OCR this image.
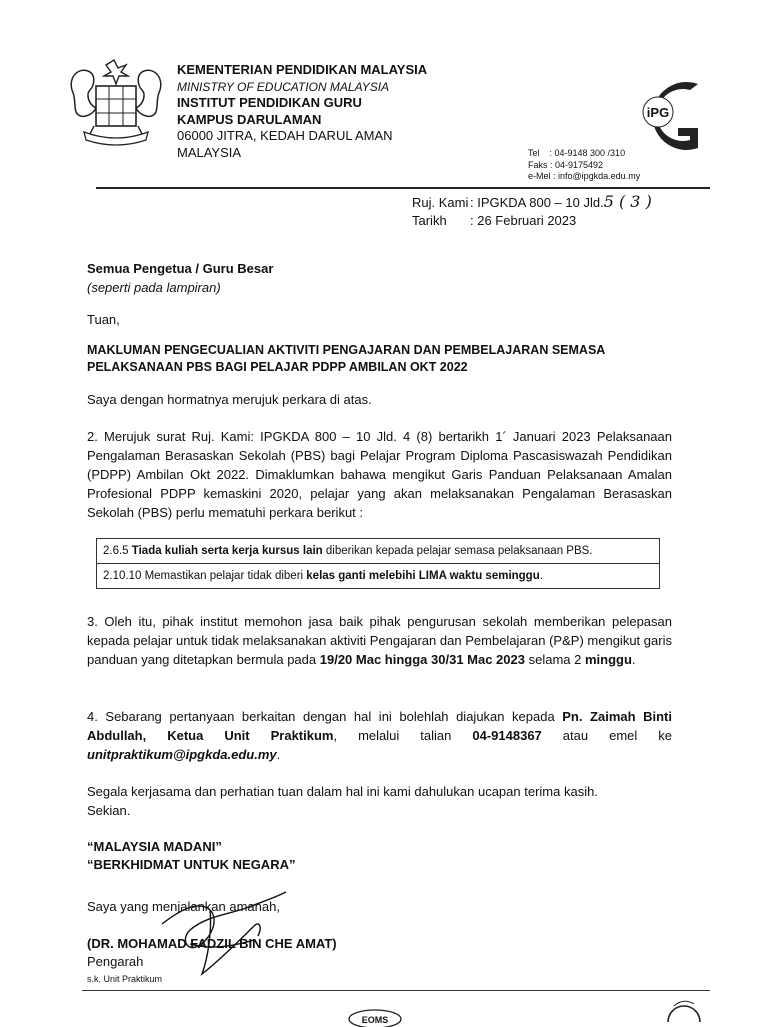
KEMENTERIAN PENDIDIKAN MALAYSIA
MINISTRY OF EDUCATION MALAYSIA
INSTITUT PENDIDIKAN GURU
KAMPUS DARULAMAN
06000 JITRA, KEDAH DARUL AMAN
MALAYSIA
iPG
Tel    : 04-9148 300 /310
Faks : 04-9175492
e-Mel : info@ipgkda.edu.my
Ruj. Kami : IPGKDA 800 – 10 Jld.5 ( 3 )
Tarikh : 26 Februari 2023
Semua Pengetua / Guru Besar
(seperti pada lampiran)
Tuan,
MAKLUMAN PENGECUALIAN AKTIVITI PENGAJARAN DAN PEMBELAJARAN SEMASA
PELAKSANAAN PBS BAGI PELAJAR PDPP AMBILAN OKT 2022
Saya dengan hormatnya merujuk perkara di atas.
2. Merujuk surat Ruj. Kami: IPGKDA 800 – 10 Jld. 4 (8) bertarikh 1´ Januari 2023 Pelaksanaan Pengalaman Berasaskan Sekolah (PBS) bagi Pelajar Program Diploma Pascasiswazah Pendidikan (PDPP) Ambilan Okt 2022. Dimaklumkan bahawa mengikut Garis Panduan Pelaksanaan Amalan Profesional PDPP kemaskini 2020, pelajar yang akan melaksanakan Pengalaman Berasaskan Sekolah (PBS) perlu mematuhi perkara berikut :
2.6.5 Tiada kuliah serta kerja kursus lain diberikan kepada pelajar semasa pelaksanaan PBS.
2.10.10 Memastikan pelajar tidak diberi kelas ganti melebihi LIMA waktu seminggu.
3. Oleh itu, pihak institut memohon jasa baik pihak pengurusan sekolah memberikan pelepasan kepada pelajar untuk tidak melaksanakan aktiviti Pengajaran dan Pembelajaran (P&P) mengikut garis panduan yang ditetapkan bermula pada 19/20 Mac hingga 30/31 Mac 2023 selama 2 minggu.
4. Sebarang pertanyaan berkaitan dengan hal ini bolehlah diajukan kepada Pn. Zaimah Binti Abdullah, Ketua Unit Praktikum, melalui talian 04-9148367 atau emel ke unitpraktikum@ipgkda.edu.my.
Segala kerjasama dan perhatian tuan dalam hal ini kami dahulukan ucapan terima kasih.
Sekian.
“MALAYSIA MADANI”
“BERKHIDMAT UNTUK NEGARA”
Saya yang menjalankan amanah,
(DR. MOHAMAD FADZIL BIN CHE AMAT)
Pengarah
s.k. Unit Praktikum
EOMS
